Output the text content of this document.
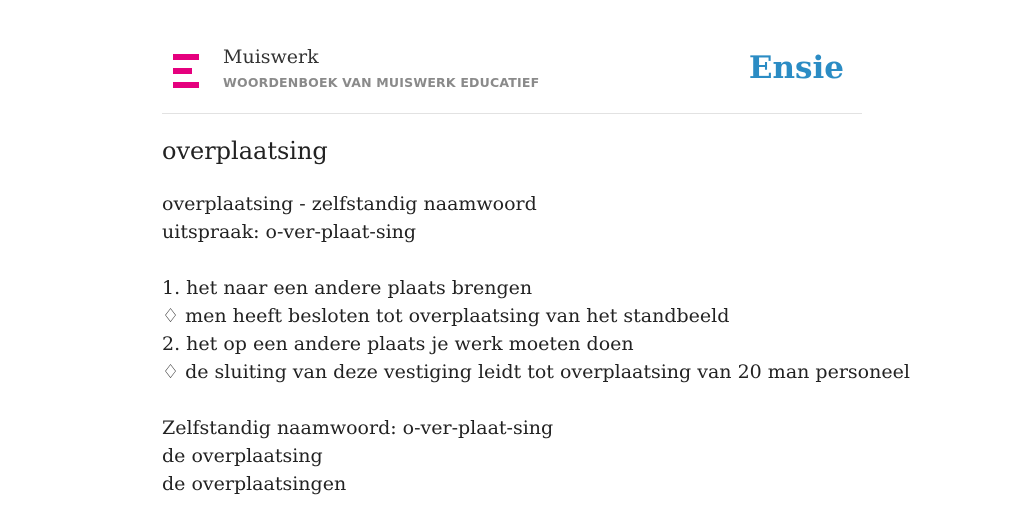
Muiswerk
WOORDENBOEK VAN MUISWERK EDUCATIEF	Ensie
overplaatsing
overplaatsing - zelfstandig naamwoord
uitspraak: o-ver-plaat-sing
1. het naar een andere plaats brengen
♢ men heeft besloten tot overplaatsing van het standbeeld
2. het op een andere plaats je werk moeten doen
♢ de sluiting van deze vestiging leidt tot overplaatsing van 20 man personeel
Zelfstandig naamwoord: o-ver-plaat-sing
de overplaatsing
de overplaatsingen
